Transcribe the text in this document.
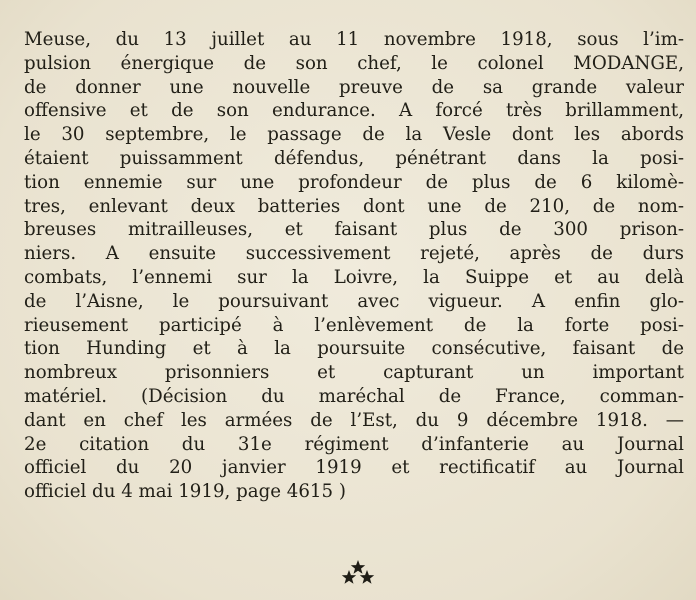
Meuse, du 13 juillet au 11 novembre 1918, sous l’im-
pulsion énergique de son chef, le colonel MODANGE,
de donner une nouvelle preuve de sa grande valeur
offensive et de son endurance. A forcé très brillamment,
le 30 septembre, le passage de la Vesle dont les abords
étaient puissamment défendus, pénétrant dans la posi-
tion ennemie sur une profondeur de plus de 6 kilomè-
tres, enlevant deux batteries dont une de 210, de nom-
breuses mitrailleuses, et faisant plus de 300 prison-
niers. A ensuite successivement rejeté, après de durs
combats, l’ennemi sur la Loivre, la Suippe et au delà
de l’Aisne, le poursuivant avec vigueur. A enfin glo-
rieusement participé à l’enlèvement de la forte posi-
tion Hunding et à la poursuite consécutive, faisant de
nombreux prisonniers et capturant un important
matériel. (Décision du maréchal de France, comman-
dant en chef les armées de l’Est, du 9 décembre 1918. —
2e citation du 31e régiment d’infanterie au Journal
officiel du 20 janvier 1919 et rectificatif au Journal
officiel du 4 mai 1919, page 4615 )
